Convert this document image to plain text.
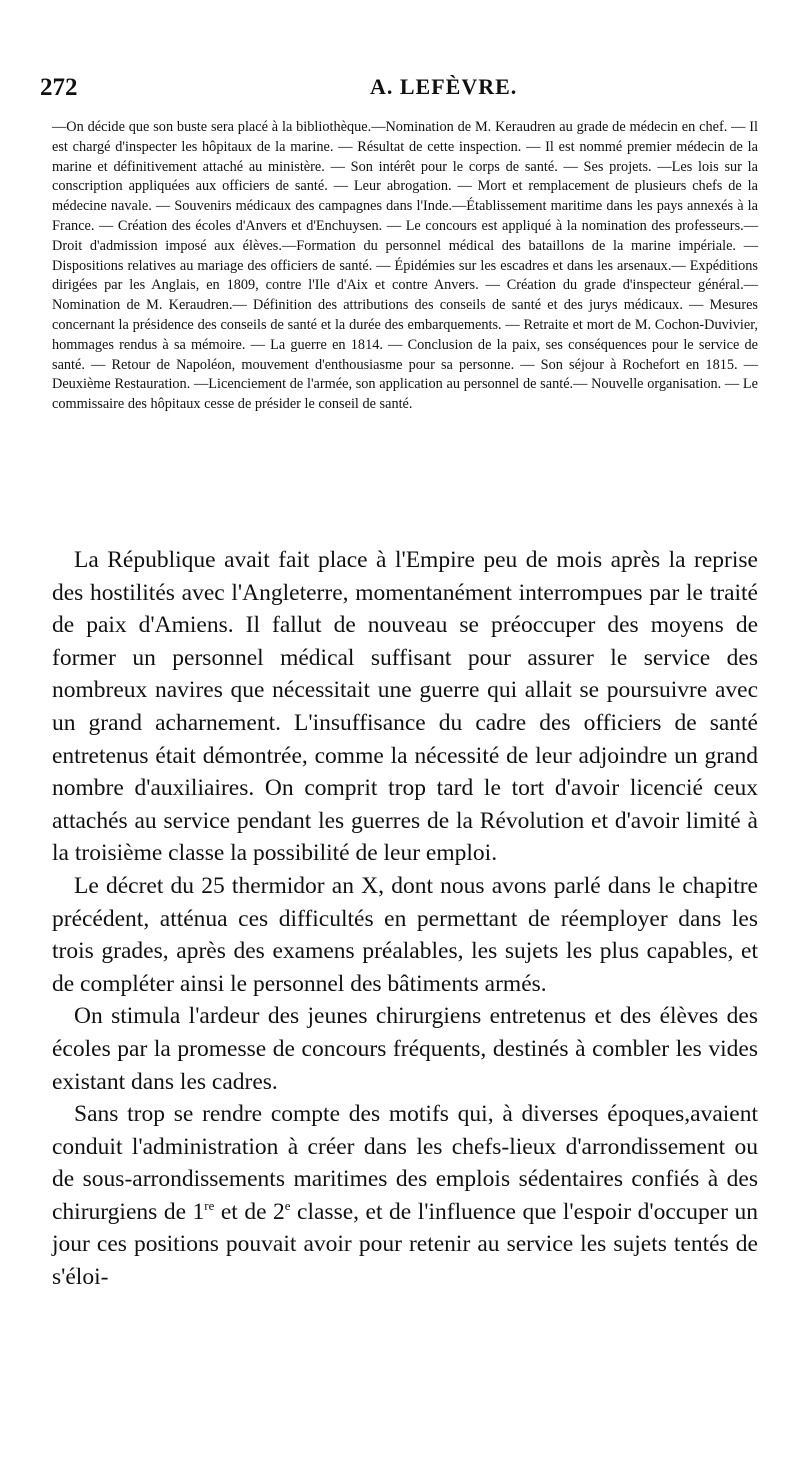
272	A. LEFÈVRE.

—On décide que son buste sera placé à la bibliothèque.—Nomination de M. Keraudren au grade de médecin en chef. — Il est chargé d'inspecter les hôpitaux de la marine. — Résultat de cette inspection. — Il est nommé premier médecin de la marine et définitivement attaché au ministère. — Son intérêt pour le corps de santé. — Ses projets. —Les lois sur la conscription appliquées aux officiers de santé. — Leur abrogation. — Mort et remplacement de plusieurs chefs de la médecine navale. — Souvenirs médicaux des campagnes dans l'Inde.—Établissement maritime dans les pays annexés à la France. — Création des écoles d'Anvers et d'Enchuysen. — Le concours est appliqué à la nomination des professeurs.—Droit d'admission imposé aux élèves.—Formation du personnel médical des bataillons de la marine impériale. — Dispositions relatives au mariage des officiers de santé. — Épidémies sur les escadres et dans les arsenaux.— Expéditions dirigées par les Anglais, en 1809, contre l'Ile d'Aix et contre Anvers. — Création du grade d'inspecteur général.—Nomination de M. Keraudren.— Définition des attributions des conseils de santé et des jurys médicaux. — Mesures concernant la présidence des conseils de santé et la durée des embarquements. — Retraite et mort de M. Cochon-Duvivier, hommages rendus à sa mémoire. — La guerre en 1814. — Conclusion de la paix, ses conséquences pour le service de santé. — Retour de Napoléon, mouvement d'enthousiasme pour sa personne. — Son séjour à Rochefort en 1815. — Deuxième Restauration. —Licenciement de l'armée, son application au personnel de santé.— Nouvelle organisation. — Le commissaire des hôpitaux cesse de présider le conseil de santé.

La République avait fait place à l'Empire peu de mois après la reprise des hostilités avec l'Angleterre, momentanément interrompues par le traité de paix d'Amiens. Il fallut de nouveau se préoccuper des moyens de former un personnel médical suffisant pour assurer le service des nombreux navires que nécessitait une guerre qui allait se poursuivre avec un grand acharnement. L'insuffisance du cadre des officiers de santé entretenus était démontrée, comme la nécessité de leur adjoindre un grand nombre d'auxiliaires. On comprit trop tard le tort d'avoir licencié ceux attachés au service pendant les guerres de la Révolution et d'avoir limité à la troisième classe la possibilité de leur emploi.

Le décret du 25 thermidor an X, dont nous avons parlé dans le chapitre précédent, atténua ces difficultés en permettant de réemployer dans les trois grades, après des examens préalables, les sujets les plus capables, et de compléter ainsi le personnel des bâtiments armés.

On stimula l'ardeur des jeunes chirurgiens entretenus et des élèves des écoles par la promesse de concours fréquents, destinés à combler les vides existant dans les cadres.

Sans trop se rendre compte des motifs qui, à diverses époques,avaient conduit l'administration à créer dans les chefs-lieux d'arrondissement ou de sous-arrondissements maritimes des emplois sédentaires confiés à des chirurgiens de 1re et de 2e classe, et de l'influence que l'espoir d'occuper un jour ces positions pouvait avoir pour retenir au service les sujets tentés de s'éloi-
